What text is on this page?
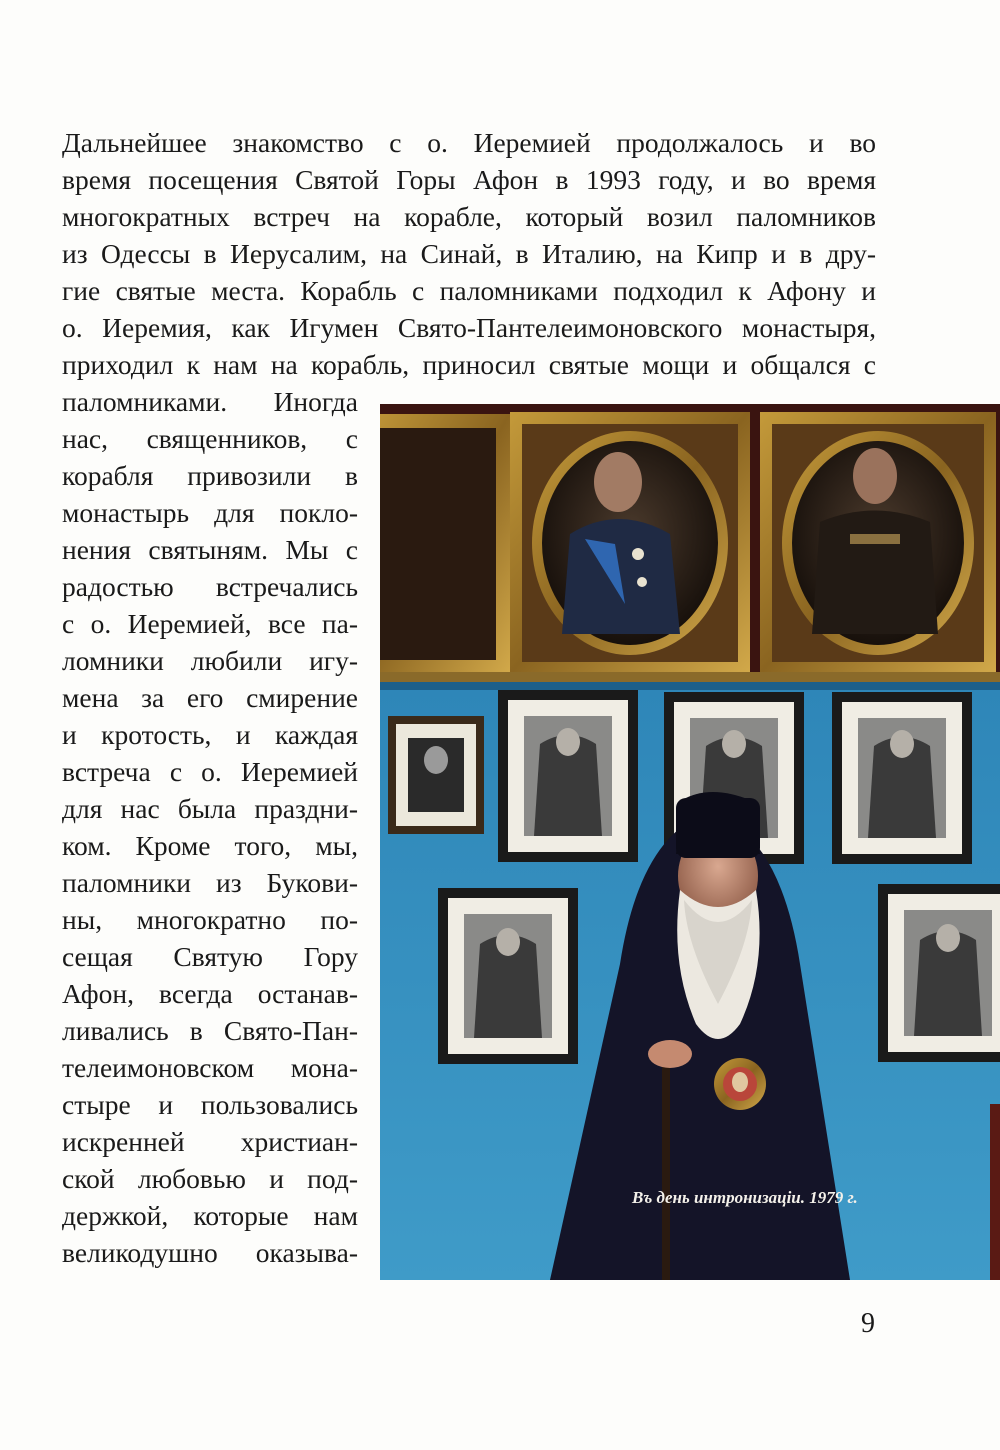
Дальнейшее знакомство с о. Иеремией продолжалось и во
время посещения Святой Горы Афон в 1993 году, и во время
многократных встреч на корабле, который возил паломников
из Одессы в Иерусалим, на Синай, в Италию, на Кипр и в дру-
гие святые места. Корабль с паломниками подходил к Афону и
о. Иеремия, как Игумен Свято-Пантелеимоновского монастыря,
приходил к нам на корабль, приносил святые мощи и общался с
паломниками. Иногда
нас, священников, с
корабля привозили в
монастырь для покло-
нения святыням. Мы с
радостью встречались
с о. Иеремией, все па-
ломники любили игу-
мена за его смирение
и кротость, и каждая
встреча с о. Иеремией
для нас была праздни-
ком. Кроме того, мы,
паломники из Букови-
ны, многократно по-
сещая Святую Гору
Афон, всегда останав-
ливались в Свято-Пан-
телеимоновском мона-
стыре и пользовались
искренней христиан-
ской любовью и под-
держкой, которые нам
великодушно оказыва-
Въ день интронизацiи. 1979 г.
9
